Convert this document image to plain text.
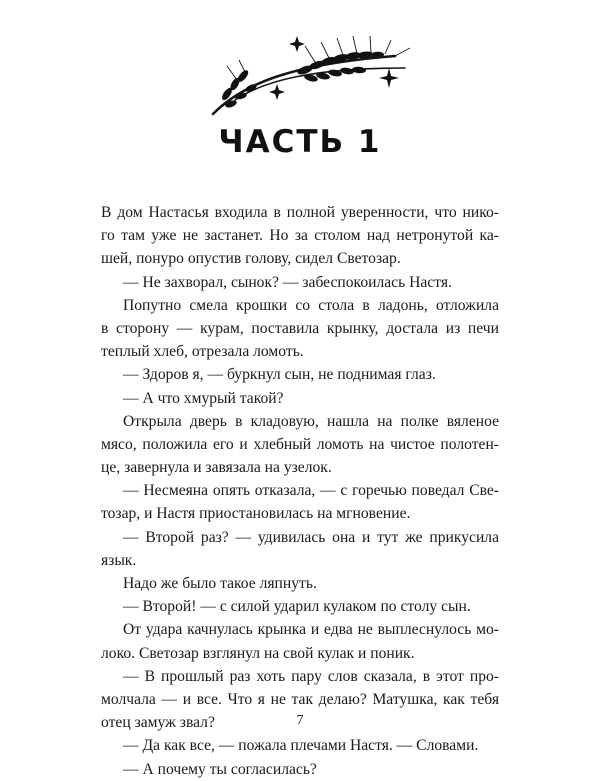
ЧАСТЬ 1
В дом Настасья входила в полной уверенности, что нико-
го там уже не застанет. Но за столом над нетронутой ка-
шей, понуро опустив голову, сидел Светозар.
— Не захворал, сынок? — забеспокоилась Настя.
Попутно смела крошки со стола в ладонь, отложила
в сторону — курам, поставила крынку, достала из печи
теплый хлеб, отрезала ломоть.
— Здоров я, — буркнул сын, не поднимая глаз.
— А что хмурый такой?
Открыла дверь в кладовую, нашла на полке вяленое
мясо, положила его и хлебный ломоть на чистое полотен-
це, завернула и завязала на узелок.
— Несмеяна опять отказала, — с горечью поведал Све-
тозар, и Настя приостановилась на мгновение.
— Второй раз? — удивилась она и тут же прикусила
язык.
Надо же было такое ляпнуть.
— Второй! — с силой ударил кулаком по столу сын.
От удара качнулась крынка и едва не выплеснулось мо-
локо. Светозар взглянул на свой кулак и поник.
— В прошлый раз хоть пару слов сказала, в этот про-
молчала — и все. Что я не так делаю? Матушка, как тебя
отец замуж звал?
— Да как все, — пожала плечами Настя. — Словами.
— А почему ты согласилась?
7
